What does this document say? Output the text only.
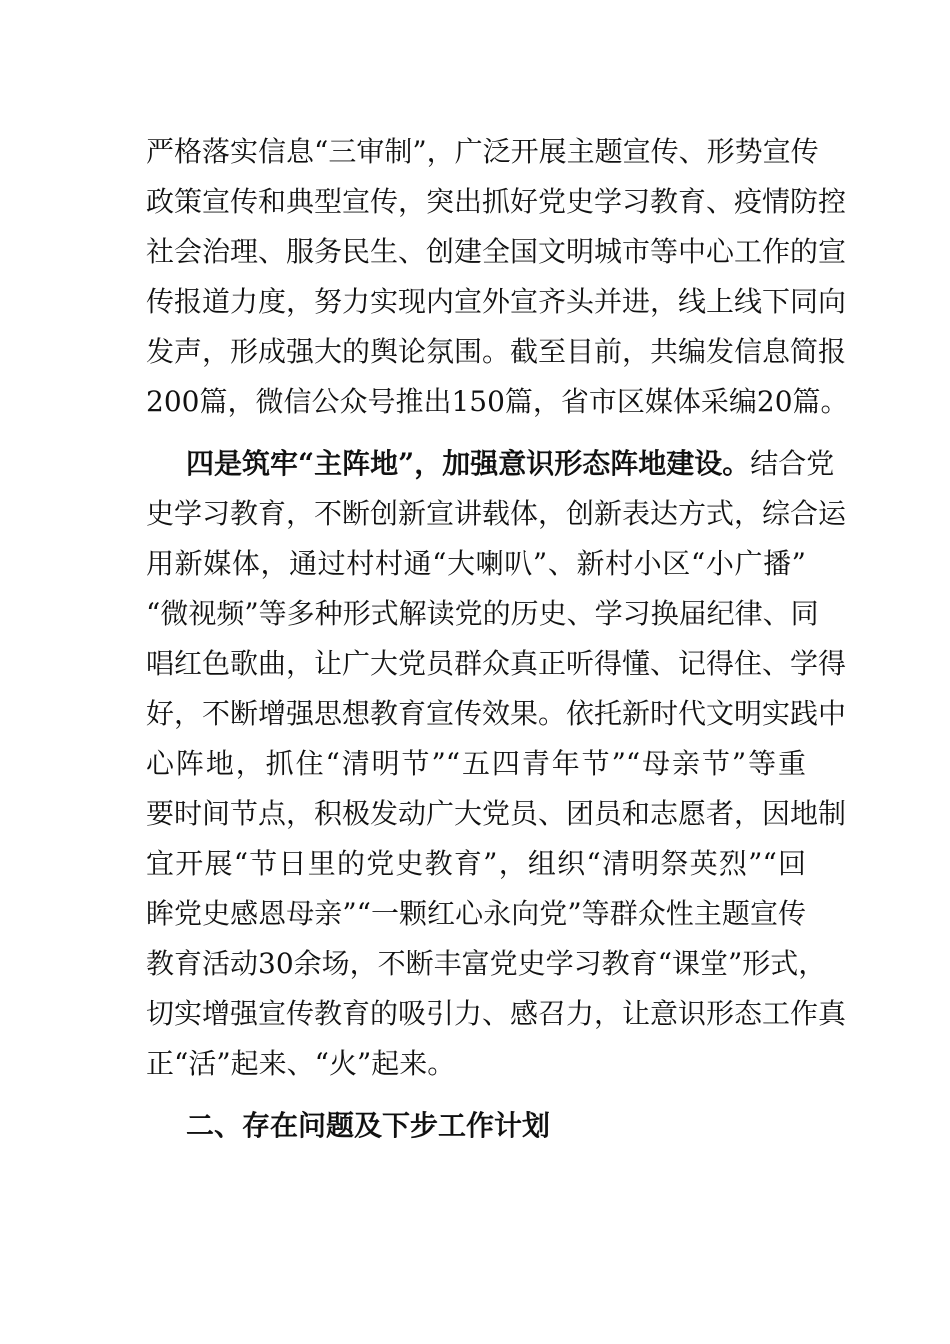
严格落实信息“三审制”，广泛开展主题宣传、形势宣传
政策宣传和典型宣传，突出抓好党史学习教育、疫情防控
社会治理、服务民生、创建全国文明城市等中心工作的宣
传报道力度，努力实现内宣外宣齐头并进，线上线下同向
发声，形成强大的舆论氛围。截至目前，共编发信息简报
200篇，微信公众号推出150篇，省市区媒体采编20篇。
四是筑牢“主阵地”，加强意识形态阵地建设。结合党
史学习教育，不断创新宣讲载体，创新表达方式，综合运
用新媒体，通过村村通“大喇叭”、新村小区“小广播”
“微视频”等多种形式解读党的历史、学习换届纪律、同
唱红色歌曲，让广大党员群众真正听得懂、记得住、学得
好，不断增强思想教育宣传效果。依托新时代文明实践中
心阵地，抓住“清明节”“五四青年节”“母亲节”等重
要时间节点，积极发动广大党员、团员和志愿者，因地制
宜开展“节日里的党史教育”，组织“清明祭英烈”“回
眸党史感恩母亲”“一颗红心永向党”等群众性主题宣传
教育活动30余场，不断丰富党史学习教育“课堂”形式，
切实增强宣传教育的吸引力、感召力，让意识形态工作真
正“活”起来、“火”起来。
二、存在问题及下步工作计划
